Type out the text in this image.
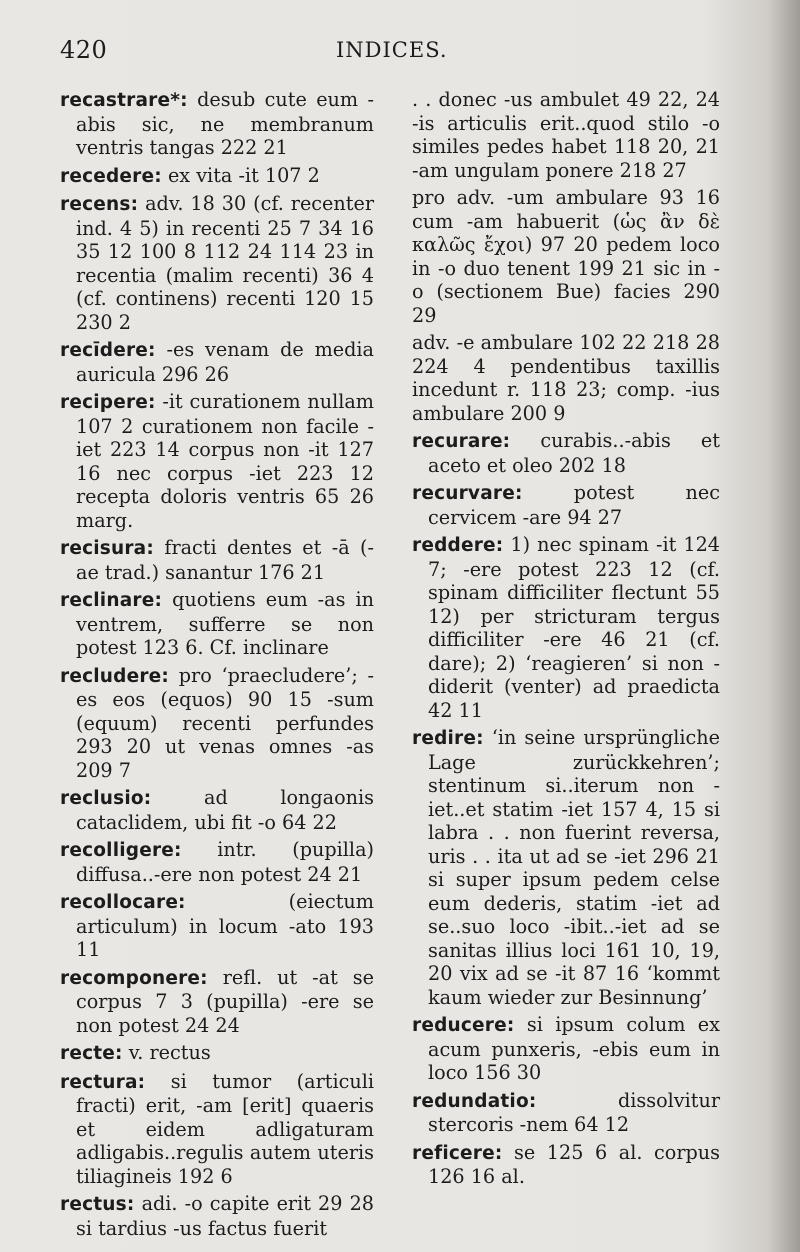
420	INDICES.

recastrare*: desub cute eum -abis sic, ne membranum ventris tangas 222 21

recedere: ex vita -it 107 2

recens: adv. 18 30 (cf. recenter ind. 4 5) in recenti 25 7 34 16 35 12 100 8 112 24 114 23 in recentia (malim recenti) 36 4 (cf. continens) recenti 120 15 230 2

recīdere: -es venam de media auricula 296 26

recipere: -it curationem nullam 107 2 curationem non facile -iet 223 14 corpus non -it 127 16 nec corpus -iet 223 12 recepta doloris ventris 65 26 marg.

recisura: fracti dentes et -ā (-ae trad.) sanantur 176 21

reclinare: quotiens eum -as in ventrem, sufferre se non potest 123 6. Cf. inclinare

recludere: pro ‘praecludere’; -es eos (equos) 90 15 -sum (equum) recenti perfundes 293 20 ut venas omnes -as 209 7

reclusio: ad longaonis cataclidem, ubi fit -o 64 22

recolligere: intr. (pupilla) diffusa..-ere non potest 24 21

recollocare: (eiectum articulum) in locum -ato 193 11

recomponere: refl. ut -at se corpus 7 3 (pupilla) -ere se non potest 24 24

recte: v. rectus

rectura: si tumor (articuli fracti) erit, -am [erit] quaeris et eidem adligaturam adligabis..regulis autem uteris tiliagineis 192 6

rectus: adi. -o capite erit 29 28 si tardius -us factus fuerit

. . donec -us ambulet 49 22, 24 -is articulis erit..quod stilo -o similes pedes habet 118 20, 21 -am ungulam ponere 218 27

pro adv. -um ambulare 93 16 cum -am habuerit (ὡς ἂν δὲ καλῶς ἔχοι) 97 20 pedem loco in -o duo tenent 199 21 sic in -o (sectionem Bue) facies 290 29

adv. -e ambulare 102 22 218 28 224 4 pendentibus taxillis incedunt r. 118 23; comp. -ius ambulare 200 9

recurare: curabis..-abis et aceto et oleo 202 18

recurvare: potest nec cervicem -are 94 27

reddere: 1) nec spinam -it 124 7; -ere potest 223 12 (cf. spinam difficiliter flectunt 55 12) per stricturam tergus difficiliter -ere 46 21 (cf. dare); 2) ‘reagieren’ si non -diderit (venter) ad praedicta 42 11

redire: ‘in seine ursprüngliche Lage zurückkehren’; stentinum si..iterum non -iet..et statim -iet 157 4, 15 si labra . . non fuerint reversa, uris . . ita ut ad se -iet 296 21 si super ipsum pedem celse eum dederis, statim -iet ad se..suo loco -ibit..-iet ad se sanitas illius loci 161 10, 19, 20 vix ad se -it 87 16 ‘kommt kaum wieder zur Besinnung’

reducere: si ipsum colum ex acum punxeris, -ebis eum in loco 156 30

redundatio: dissolvitur stercoris -nem 64 12

reficere: se 125 6 al. corpus 126 16 al.
